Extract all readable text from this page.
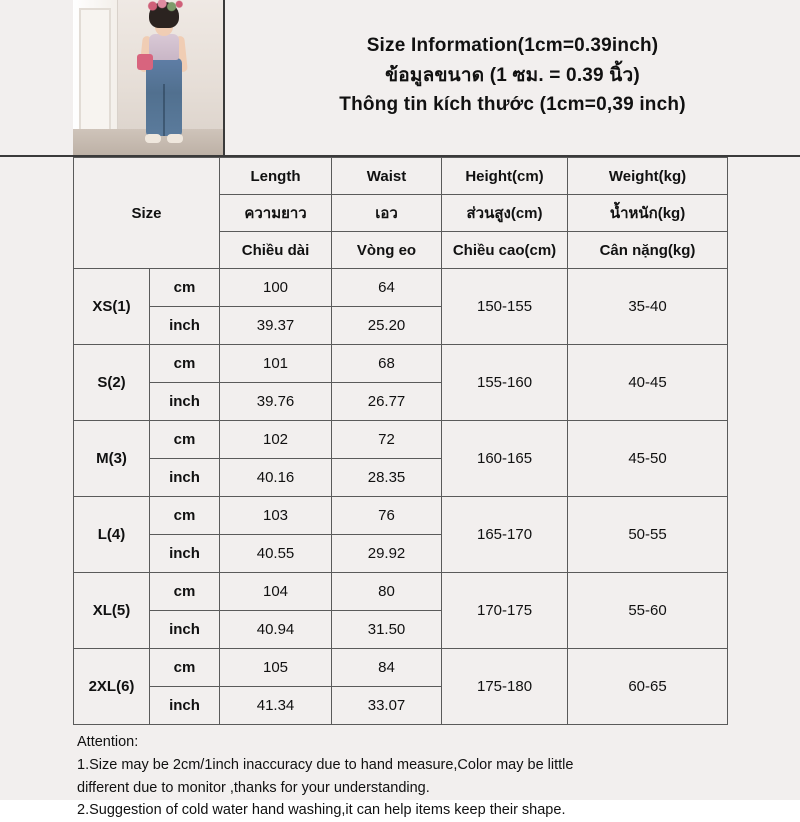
Size Information(1cm=0.39inch)
ข้อมูลขนาด (1 ซม. = 0.39 นิ้ว)
Thông tin kích thước (1cm=0,39 inch)
Size		Length	Waist	Height(cm)	Weight(kg)
		ความยาว	เอว	ส่วนสูง(cm)	น้ำหนัก(kg)
		Chiều dài	Vòng eo	Chiều cao(cm)	Cân nặng(kg)
XS(1)	cm	100	64	150-155	35-40
	inch	39.37	25.20		
S(2)	cm	101	68	155-160	40-45
	inch	39.76	26.77		
M(3)	cm	102	72	160-165	45-50
	inch	40.16	28.35		
L(4)	cm	103	76	165-170	50-55
	inch	40.55	29.92		
XL(5)	cm	104	80	170-175	55-60
	inch	40.94	31.50		
2XL(6)	cm	105	84	175-180	60-65
	inch	41.34	33.07		
Attention:
1.Size may be 2cm/1inch inaccuracy due to hand measure,Color may be little
different due to monitor ,thanks for your understanding.
2.Suggestion of cold water hand washing,it can help items keep their shape.
